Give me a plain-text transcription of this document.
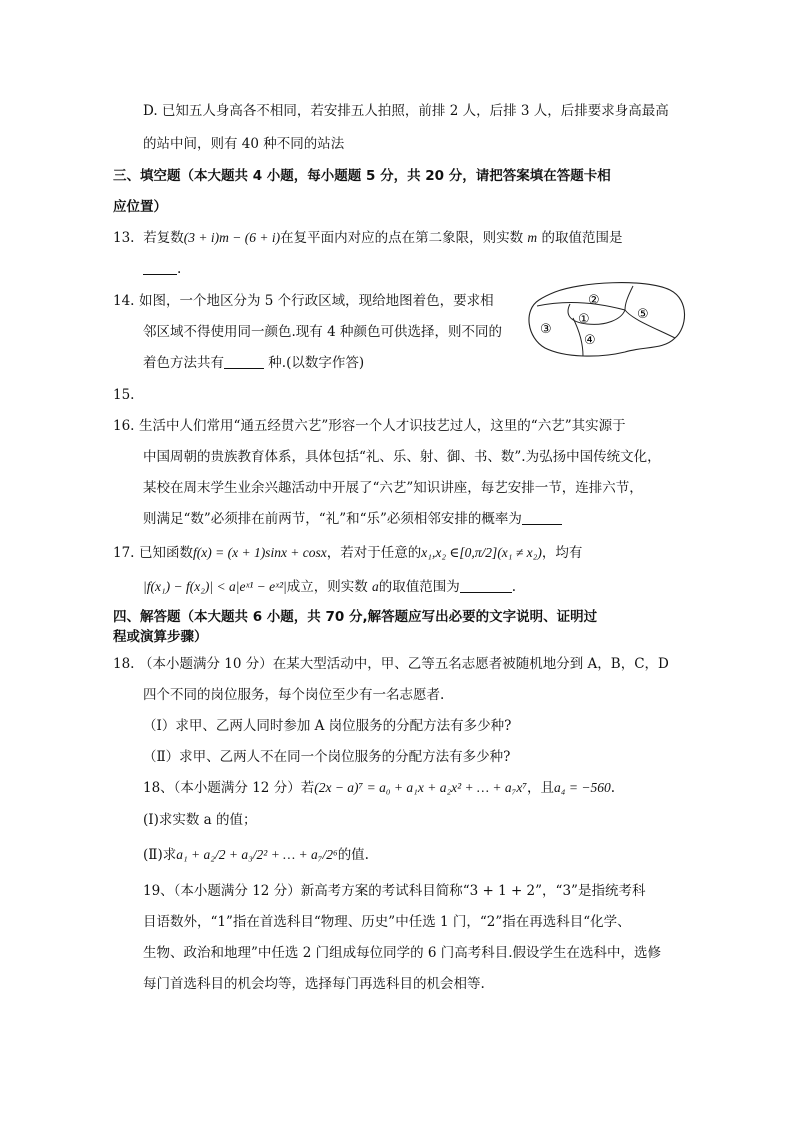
D. 已知五人身高各不相同，若安排五人拍照，前排 2 人，后排 3 人，后排要求身高最高
的站中间，则有 40 种不同的站法
三、填空题（本大题共 4 小题，每小题题 5 分，共 20 分，请把答案填在答题卡相
应位置）
13. 若复数(3 + i)m − (6 + i)在复平面内对应的点在第二象限，则实数 m 的取值范围是
.
14. 如图，一个地区分为 5 个行政区域，现给地图着色，要求相
邻区域不得使用同一颜色.现有 4 种颜色可供选择，则不同的
着色方法共有	种.(以数字作答)
②
⑤
①
③
④
15.
16. 生活中人们常用“通五经贯六艺”形容一个人才识技艺过人，这里的“六艺”其实源于
中国周朝的贵族教育体系，具体包括“礼、乐、射、御、书、数”.为弘扬中国传统文化，
某校在周末学生业余兴趣活动中开展了“六艺”知识讲座，每艺安排一节，连排六节，
则满足“数”必须排在前两节，“礼”和“乐”必须相邻安排的概率为
17. 已知函数f(x) = (x + 1)sinx + cosx，若对于任意的x₁,x₂ ∈[0,π/2](x₁ ≠ x₂)，均有
|f(x₁) − f(x₂)| < a|eˣ¹ − eˣ²|成立，则实数 a的取值范围为	.
四、解答题（本大题共 6 小题，共 70 分,解答题应写出必要的文字说明、证明过
程或演算步骤）
18. （本小题满分 10 分）在某大型活动中，甲、乙等五名志愿者被随机地分到 A，B，C，D
四个不同的岗位服务，每个岗位至少有一名志愿者.
（Ⅰ）求甲、乙两人同时参加 A 岗位服务的分配方法有多少种?
（Ⅱ）求甲、乙两人不在同一个岗位服务的分配方法有多少种?
18、（本小题满分 12 分）若(2x − a)⁷ = a₀ + a₁x + a₂x² + … + a₇x⁷，且a₄ = −560.
(Ⅰ)求实数 a 的值；
(Ⅱ)求a₁ + a₂/2 + a₃/2² + … + a₇/2⁶的值.
19、（本小题满分 12 分）新高考方案的考试科目简称“3 + 1 + 2”，“3”是指统考科
目语数外，“1”指在首选科目“物理、历史”中任选 1 门，“2”指在再选科目“化学、
生物、政治和地理”中任选 2 门组成每位同学的 6 门高考科目.假设学生在选科中，选修
每门首选科目的机会均等，选择每门再选科目的机会相等.
